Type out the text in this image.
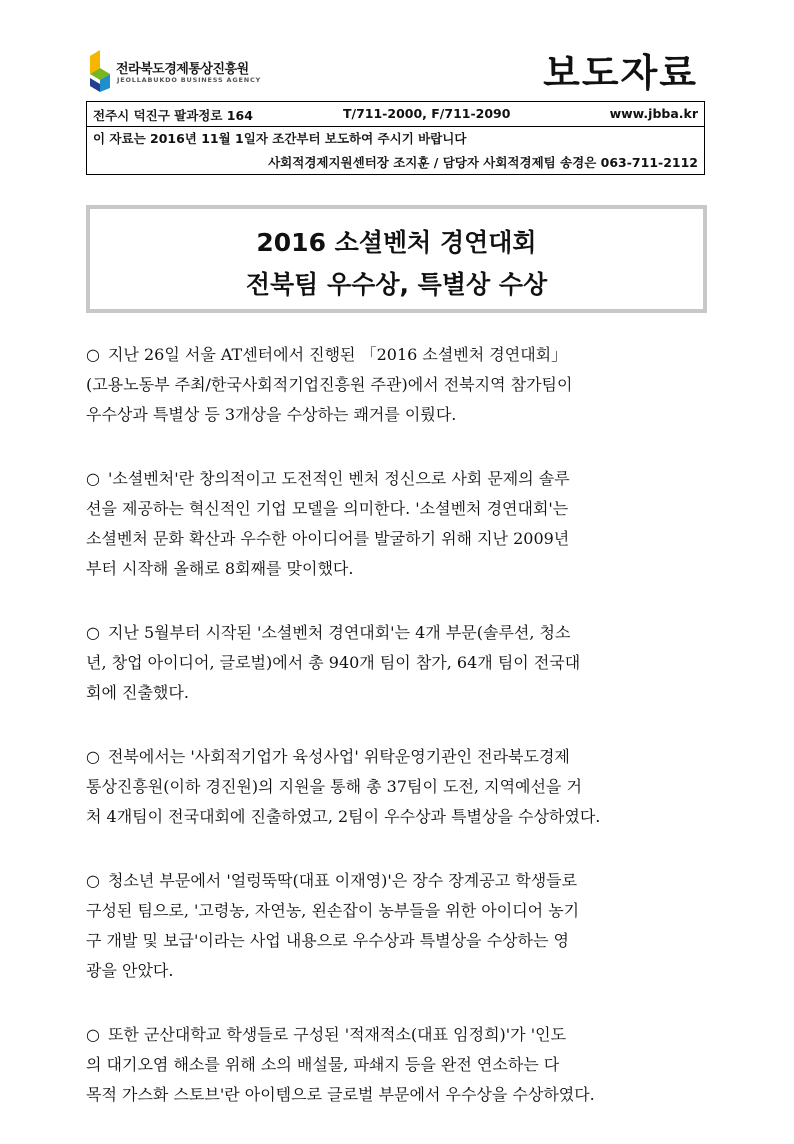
전라북도경제통상진흥원
JEOLLABUKDO BUSINESS AGENCY	보도자료
전주시 덕진구 팔과정로 164	T/711-2000, F/711-2090	www.jbba.kr
이 자료는 2016년 11월 1일자 조간부터 보도하여 주시기 바랍니다
사회적경제지원센터장 조지훈 / 담당자 사회적경제팀 송경은 063-711-2112
2016 소셜벤처 경연대회
전북팀 우수상, 특별상 수상
○ 지난 26일 서울 AT센터에서 진행된 「2016 소셜벤처 경연대회」
(고용노동부 주최/한국사회적기업진흥원 주관)에서 전북지역 참가팀이
우수상과 특별상 등 3개상을 수상하는 쾌거를 이뤘다.
○ '소셜벤처'란 창의적이고 도전적인 벤처 정신으로 사회 문제의 솔루
션을 제공하는 혁신적인 기업 모델을 의미한다. '소셜벤처 경연대회'는
소셜벤처 문화 확산과 우수한 아이디어를 발굴하기 위해 지난 2009년
부터 시작해 올해로 8회째를 맞이했다.
○ 지난 5월부터 시작된 '소셜벤처 경연대회'는 4개 부문(솔루션, 청소
년, 창업 아이디어, 글로벌)에서 총 940개 팀이 참가, 64개 팀이 전국대
회에 진출했다.
○ 전북에서는 '사회적기업가 육성사업' 위탁운영기관인 전라북도경제
통상진흥원(이하 경진원)의 지원을 통해 총 37팀이 도전, 지역예선을 거
처 4개팀이 전국대회에 진출하였고, 2팀이 우수상과 특별상을 수상하였다.
○ 청소년 부문에서 '얼렁뚝딱(대표 이재영)'은 장수 장계공고 학생들로
구성된 팀으로, '고령농, 자연농, 왼손잡이 농부들을 위한 아이디어 농기
구 개발 및 보급'이라는 사업 내용으로 우수상과 특별상을 수상하는 영
광을 안았다.
○ 또한 군산대학교 학생들로 구성된 '적재적소(대표 임정희)'가 '인도
의 대기오염 해소를 위해 소의 배설물, 파쇄지 등을 완전 연소하는 다
목적 가스화 스토브'란 아이템으로 글로벌 부문에서 우수상을 수상하였다.
